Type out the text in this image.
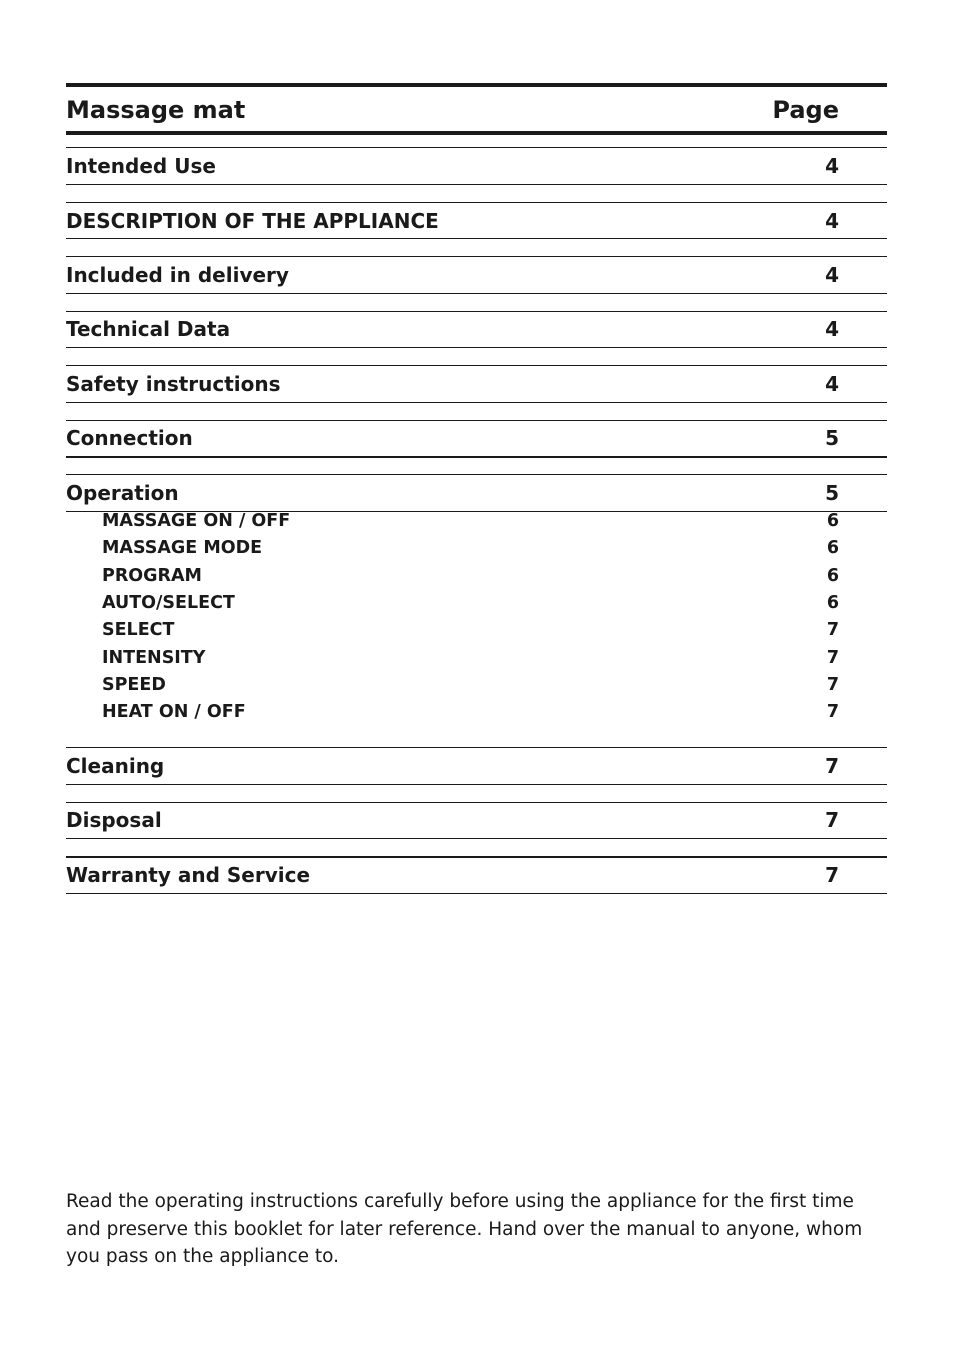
Massage mat	Page
Intended Use	4
DESCRIPTION OF THE APPLIANCE	4
Included in delivery	4
Technical Data	4
Safety instructions	4
Connection	5
Operation	5
MASSAGE ON / OFF	6
MASSAGE MODE	6
PROGRAM	6
AUTO/SELECT	6
SELECT	7
INTENSITY	7
SPEED	7
HEAT ON / OFF	7
Cleaning	7
Disposal	7
Warranty and Service	7

Read the operating instructions carefully before using the appliance for the first time and preserve this booklet for later reference. Hand over the manual to anyone, whom you pass on the appliance to.
